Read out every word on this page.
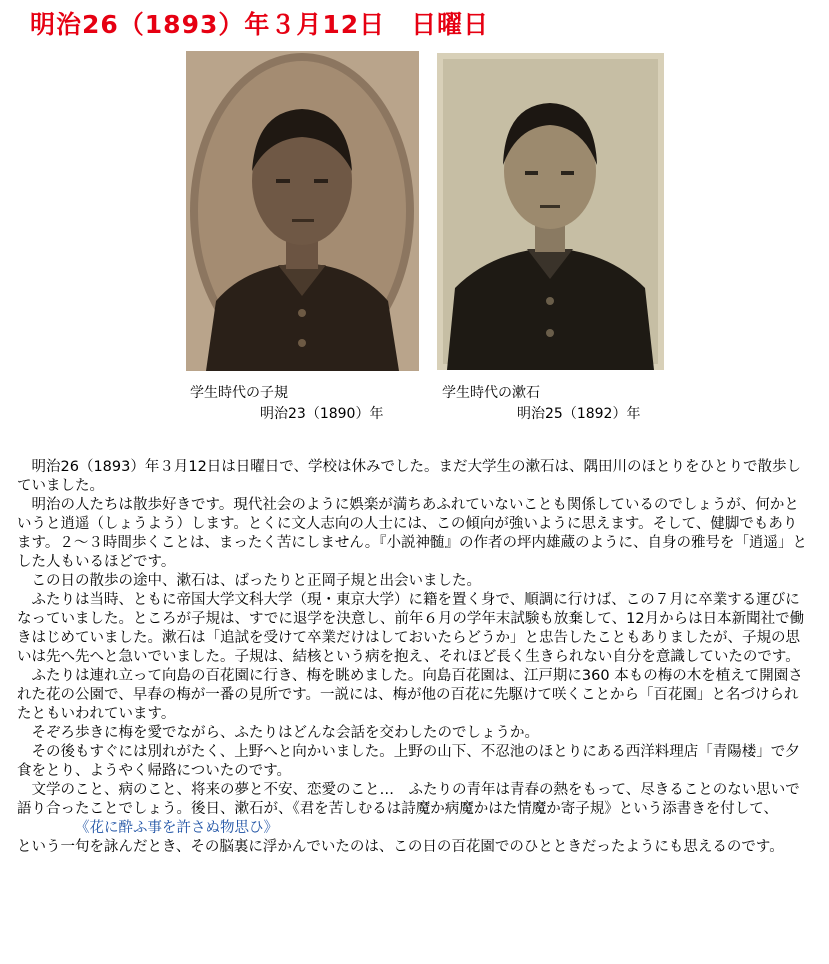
明治26（1893）年３月12日　日曜日
学生時代の子規
明治23（1890）年
学生時代の漱石
明治25（1892）年

明治26（1893）年３月12日は日曜日で、学校は休みでした。まだ大学生の漱石は、隅田川のほとりをひとりで散歩していました。

明治の人たちは散歩好きです。現代社会のように娯楽が満ちあふれていないことも関係しているのでしょうが、何かというと逍遥（しょうよう）します。とくに文人志向の人士には、この傾向が強いように思えます。そして、健脚でもあります。２～３時間歩くことは、まったく苦にしません。『小説神髄』の作者の坪内雄蔵のように、自身の雅号を「逍遥」とした人もいるほどです。

この日の散歩の途中、漱石は、ばったりと正岡子規と出会いました。

ふたりは当時、ともに帝国大学文科大学（現・東京大学）に籍を置く身で、順調に行けば、この７月に卒業する運びになっていました。ところが子規は、すでに退学を決意し、前年６月の学年末試験も放棄して、12月からは日本新聞社で働きはじめていました。漱石は「追試を受けて卒業だけはしておいたらどうか」と忠告したこともありましたが、子規の思いは先へ先へと急いでいました。子規は、結核という病を抱え、それほど長く生きられない自分を意識していたのです。

ふたりは連れ立って向島の百花園に行き、梅を眺めました。向島百花園は、江戸期に360 本もの梅の木を植えて開園された花の公園で、早春の梅が一番の見所です。一説には、梅が他の百花に先駆けて咲くことから「百花園」と名づけられたともいわれています。

そぞろ歩きに梅を愛でながら、ふたりはどんな会話を交わしたのでしょうか。

その後もすぐには別れがたく、上野へと向かいました。上野の山下、不忍池のほとりにある西洋料理店「青陽楼」で夕食をとり、ようやく帰路についたのです。

文学のこと、病のこと、将来の夢と不安、恋愛のこと…　ふたりの青年は青春の熱をもって、尽きることのない思いで語り合ったことでしょう。後日、漱石が、《君を苦しむるは詩魔か病魔かはた情魔か寄子規》という添書きを付して、

《花に酔ふ事を許さぬ物思ひ》

という一句を詠んだとき、その脳裏に浮かんでいたのは、この日の百花園でのひとときだったようにも思えるのです。
